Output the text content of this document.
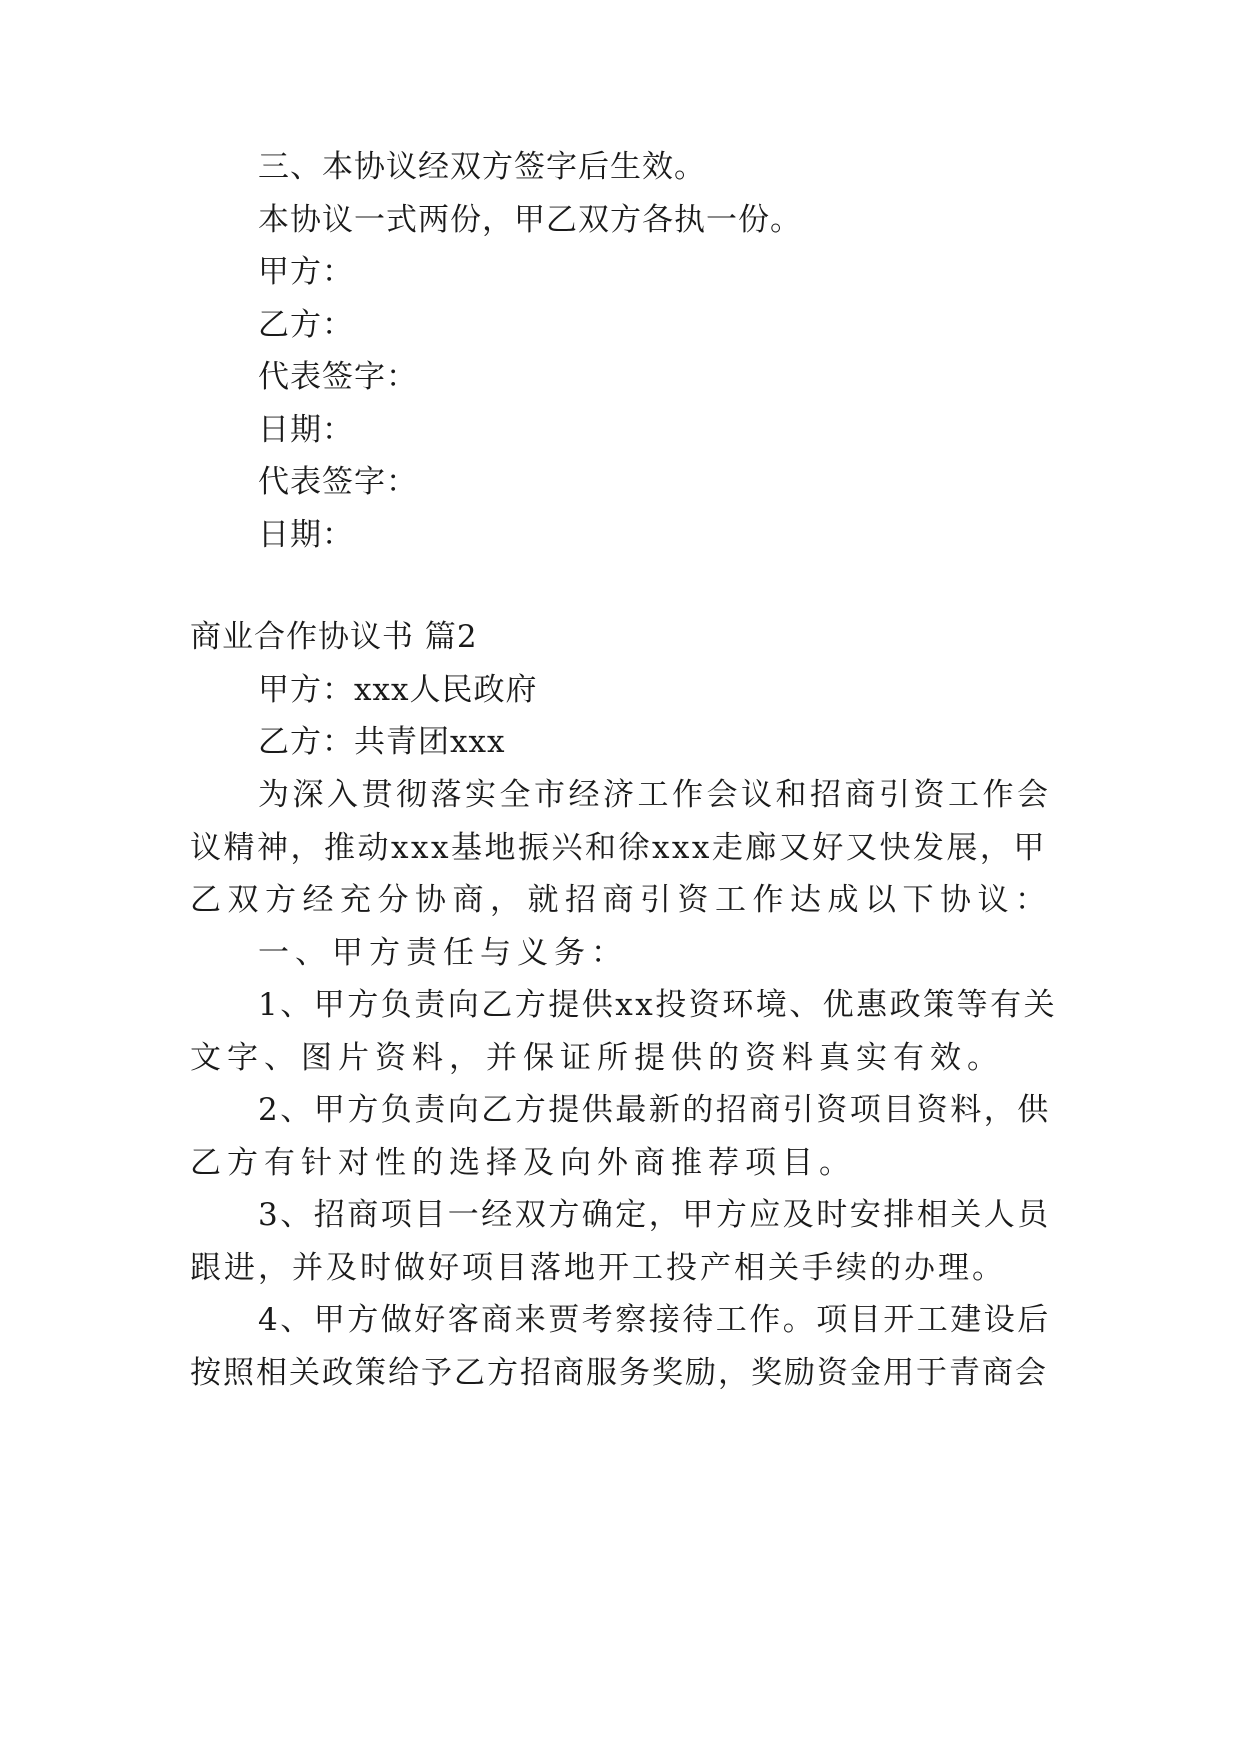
三、本协议经双方签字后生效。
本协议一式两份，甲乙双方各执一份。
甲方：
乙方：
代表签字：
日期：
代表签字：
日期：
商业合作协议书 篇2
甲方：xxx人民政府
乙方：共青团xxx
为深入贯彻落实全市经济工作会议和招商引资工作会
议精神，推动xxx基地振兴和徐xxx走廊又好又快发展，甲
乙双方经充分协商，就招商引资工作达成以下协议：
一、甲方责任与义务：
1、甲方负责向乙方提供xx投资环境、优惠政策等有关
文字、图片资料，并保证所提供的资料真实有效。
2、甲方负责向乙方提供最新的招商引资项目资料，供
乙方有针对性的选择及向外商推荐项目。
3、招商项目一经双方确定，甲方应及时安排相关人员
跟进，并及时做好项目落地开工投产相关手续的办理。
4、甲方做好客商来贾考察接待工作。项目开工建设后
按照相关政策给予乙方招商服务奖励，奖励资金用于青商会
